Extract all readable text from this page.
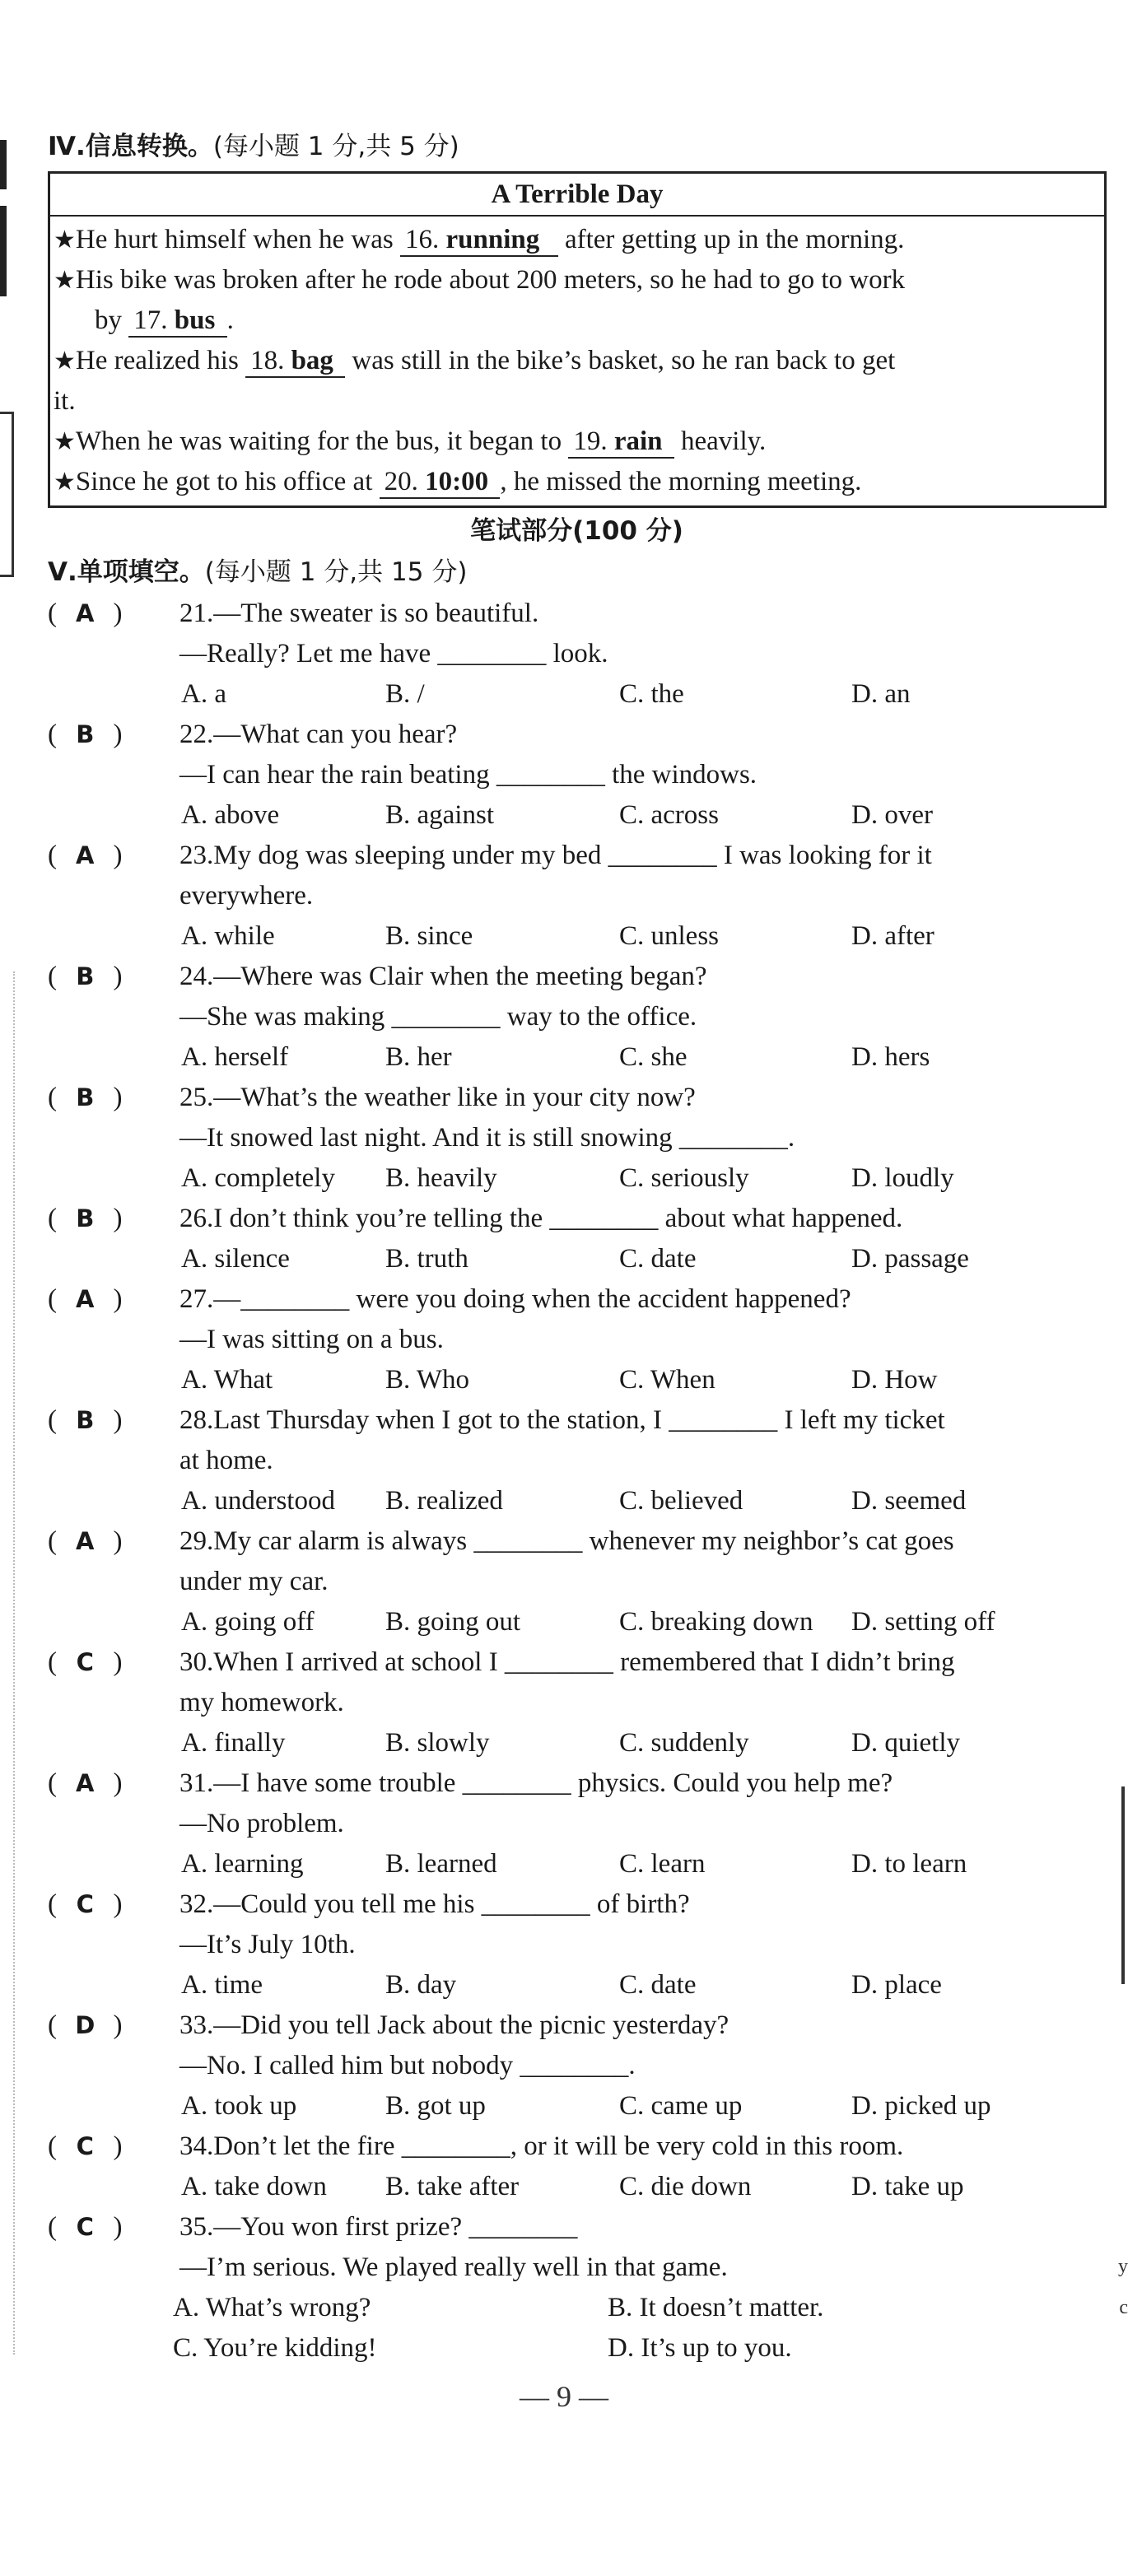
y
c
Ⅳ.信息转换。(每小题 1 分,共 5 分)
A Terrible Day
★He hurt himself when he was 16. running   after getting up in the morning.
★His bike was broken after he rode about 200 meters, so he had to go to work
by 17. bus .
★He realized his 18. bag  was still in the bike’s basket, so he ran back to get
it.
★When he was waiting for the bus, it began to 19. rain  heavily.
★Since he got to his office at 20. 10:00 , he missed the morning meeting.
笔试部分(100 分)
Ⅴ.单项填空。(每小题 1 分,共 15 分)
( A )	21. —The sweater is so beautiful.
—Really? Let me have ________ look.
A. a	B. /	C. the	D. an
( B )	22. —What can you hear?
—I can hear the rain beating ________ the windows.
A. above	B. against	C. across	D. over
( A )	23. My dog was sleeping under my bed ________ I was looking for it
everywhere.
A. while	B. since	C. unless	D. after
( B )	24. —Where was Clair when the meeting began?
—She was making ________ way to the office.
A. herself	B. her	C. she	D. hers
( B )	25. —What’s the weather like in your city now?
—It snowed last night. And it is still snowing ________.
A. completely	B. heavily	C. seriously	D. loudly
( B )	26. I don’t think you’re telling the ________ about what happened.
A. silence	B. truth	C. date	D. passage
( A )	27. —________ were you doing when the accident happened?
—I was sitting on a bus.
A. What	B. Who	C. When	D. How
( B )	28. Last Thursday when I got to the station, I ________ I left my ticket
at home.
A. understood	B. realized	C. believed	D. seemed
( A )	29. My car alarm is always ________ whenever my neighbor’s cat goes
under my car.
A. going off	B. going out	C. breaking down	D. setting off
( C )	30. When I arrived at school I ________ remembered that I didn’t bring
my homework.
A. finally	B. slowly	C. suddenly	D. quietly
( A )	31. —I have some trouble ________ physics. Could you help me?
—No problem.
A. learning	B. learned	C. learn	D. to learn
( C )	32. —Could you tell me his ________ of birth?
—It’s July 10th.
A. time	B. day	C. date	D. place
( D )	33. —Did you tell Jack about the picnic yesterday?
—No. I called him but nobody ________.
A. took up	B. got up	C. came up	D. picked up
( C )	34. Don’t let the fire ________, or it will be very cold in this room.
A. take down	B. take after	C. die down	D. take up
( C )	35. —You won first prize? ________
—I’m serious. We played really well in that game.
A. What’s wrong?	B. It doesn’t matter.
C. You’re kidding!	D. It’s up to you.
— 9 —
